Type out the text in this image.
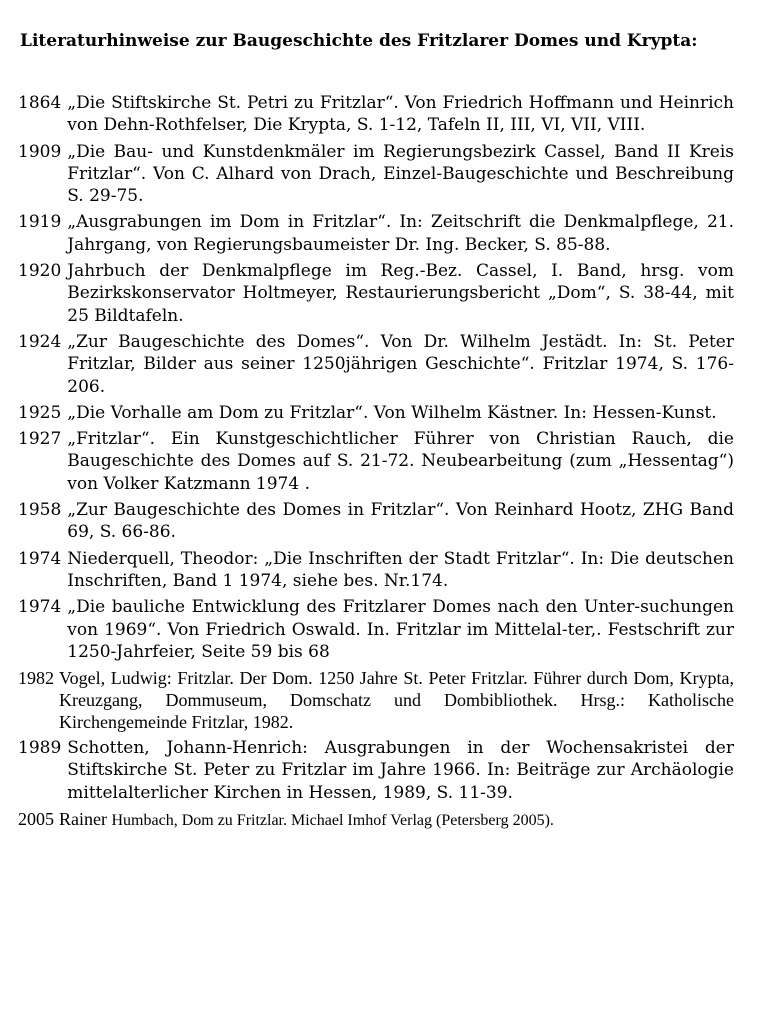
Literaturhinweise zur Baugeschichte des Fritzlarer Domes und Krypta:
1864 „Die Stiftskirche St. Petri zu Fritzlar“. Von Friedrich Hoffmann und Heinrich von Dehn-Rothfelser, Die Krypta, S. 1-12, Tafeln II, III, VI, VII, VIII.
1909 „Die Bau- und Kunstdenkmäler im Regierungsbezirk Cassel, Band II Kreis Fritzlar“. Von C. Alhard von Drach, Einzel-Baugeschichte und Beschreibung S. 29-75.
1919 „Ausgrabungen im Dom in Fritzlar“. In: Zeitschrift die Denkmalpflege, 21. Jahrgang, von Regierungsbaumeister Dr. Ing. Becker, S. 85-88.
1920 Jahrbuch der Denkmalpflege im Reg.-Bez. Cassel, I. Band, hrsg. vom Bezirkskonservator Holtmeyer, Restaurierungsbericht „Dom“, S. 38-44, mit 25 Bildtafeln.
1924 „Zur Baugeschichte des Domes“. Von Dr. Wilhelm Jestädt. In: St. Peter Fritzlar, Bilder aus seiner 1250jährigen Geschichte“. Fritzlar 1974, S. 176-206.
1925 „Die Vorhalle am Dom zu Fritzlar“. Von Wilhelm Kästner. In: Hessen-Kunst.
1927 „Fritzlar“. Ein Kunstgeschichtlicher Führer von Christian Rauch, die Baugeschichte des Domes auf S. 21-72. Neubearbeitung (zum „Hessentag“) von Volker Katzmann 1974 .
1958 „Zur Baugeschichte des Domes in Fritzlar“. Von Reinhard Hootz, ZHG Band 69, S. 66-86.
1974 Niederquell, Theodor: „Die Inschriften der Stadt Fritzlar“. In: Die deutschen Inschriften, Band 1 1974, siehe bes. Nr.174.
1974 „Die bauliche Entwicklung des Fritzlarer Domes nach den Unter-suchungen von 1969“. Von Friedrich Oswald. In. Fritzlar im Mittelal-ter,. Festschrift zur 1250-Jahrfeier, Seite 59 bis 68
1982 Vogel, Ludwig: Fritzlar. Der Dom. 1250 Jahre St. Peter Fritzlar. Führer durch Dom, Krypta, Kreuzgang, Dommuseum, Domschatz und Dombibliothek. Hrsg.: Katholische Kirchengemeinde Fritzlar, 1982.
1989 Schotten, Johann-Henrich: Ausgrabungen in der Wochensakristei der Stiftskirche St. Peter zu Fritzlar im Jahre 1966. In: Beiträge zur Archäologie mittelalterlicher Kirchen in Hessen, 1989, S. 11-39.
2005 Rainer Humbach, Dom zu Fritzlar. Michael Imhof Verlag (Petersberg 2005).
